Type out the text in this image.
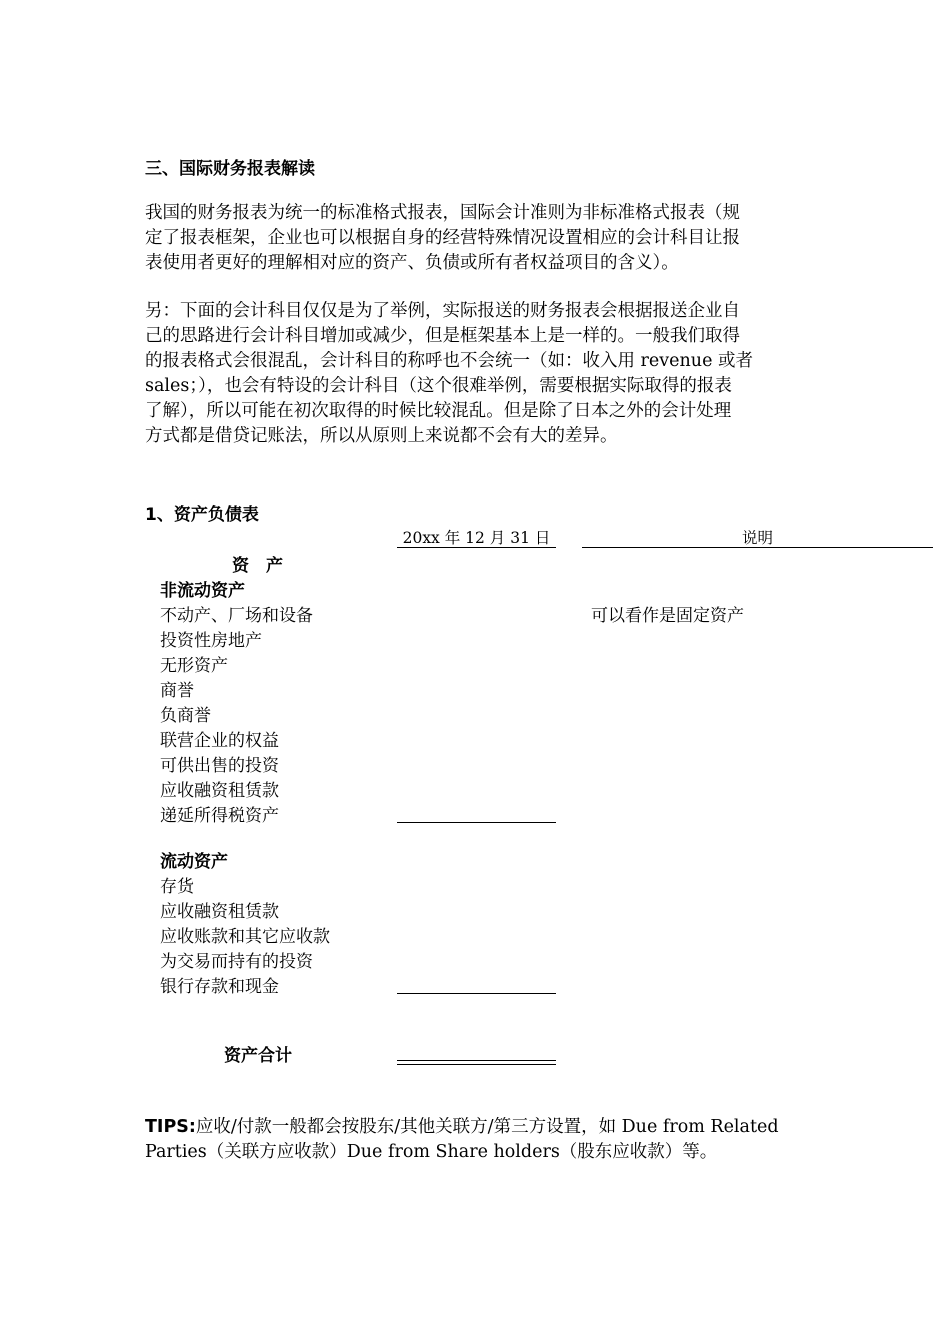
三、国际财务报表解读
我国的财务报表为统一的标准格式报表，国际会计准则为非标准格式报表（规
定了报表框架，企业也可以根据自身的经营特殊情况设置相应的会计科目让报
表使用者更好的理解相对应的资产、负债或所有者权益项目的含义）。
另：下面的会计科目仅仅是为了举例，实际报送的财务报表会根据报送企业自
己的思路进行会计科目增加或减少，但是框架基本上是一样的。一般我们取得
的报表格式会很混乱，会计科目的称呼也不会统一（如：收入用 revenue 或者
sales；），也会有特设的会计科目（这个很难举例，需要根据实际取得的报表
了解），所以可能在初次取得的时候比较混乱。但是除了日本之外的会计处理
方式都是借贷记账法，所以从原则上来说都不会有大的差异。
1、资产负债表
20xx 年 12 月 31 日	说明
资　产
非流动资产
不动产、厂场和设备	可以看作是固定资产
投资性房地产
无形资产
商誉
负商誉
联营企业的权益
可供出售的投资
应收融资租赁款
递延所得税资产
流动资产
存货
应收融资租赁款
应收账款和其它应收款
为交易而持有的投资
银行存款和现金
资产合计
TIPS:应收/付款一般都会按股东/其他关联方/第三方设置，如 Due from Related
Parties（关联方应收款）Due from Share holders（股东应收款）等。
